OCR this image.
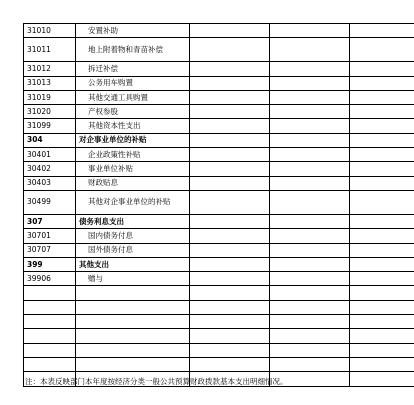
31010	安置补助			
31011	地上附着物和青苗补偿			
31012	拆迁补偿			
31013	公务用车购置			
31019	其他交通工具购置			
31020	产权参股			
31099	其他资本性支出			
304	对企事业单位的补贴			
30401	企业政策性补贴			
30402	事业单位补贴			
30403	财政贴息			
30499	其他对企事业单位的补贴			
307	债务利息支出			
30701	国内债务付息			
30707	国外债务付息			
399	其他支出			
39906	赠与			

注：本表反映部门本年度按经济分类一般公共预算财政拨款基本支出明细情况。
